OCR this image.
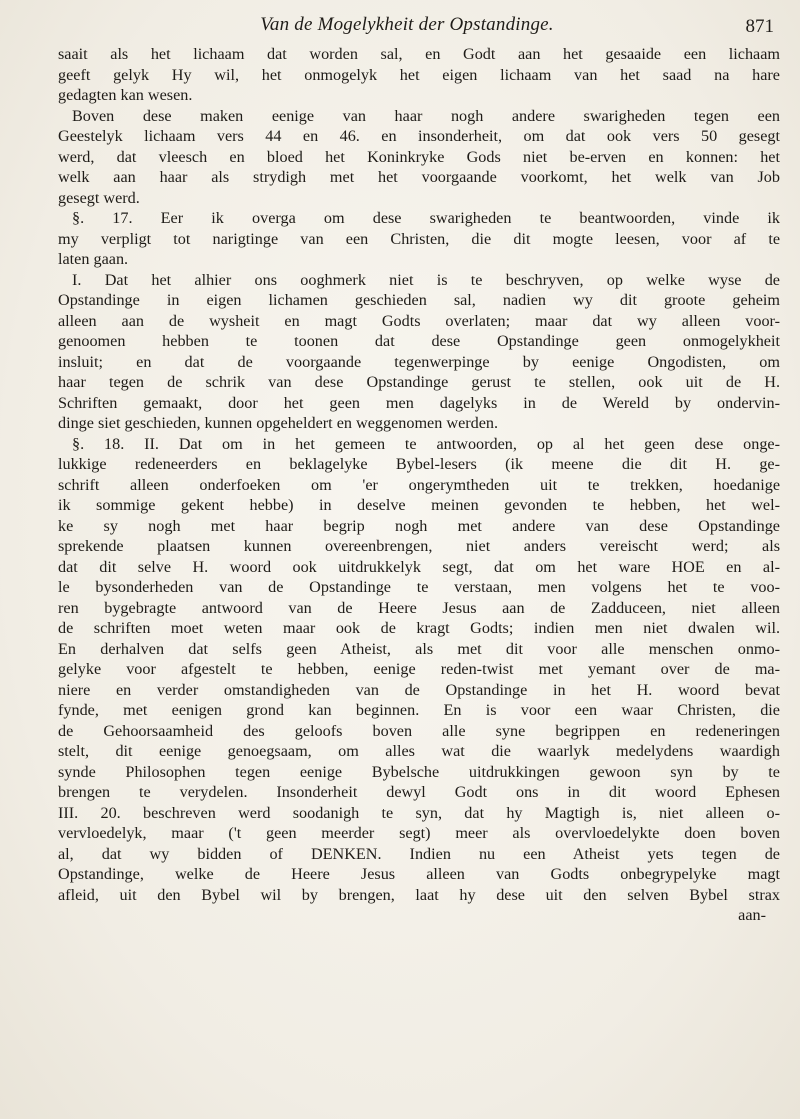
Van de Mogelykheit der Opstandinge.	871
saait als het lichaam dat worden sal, en Godt aan het gesaaide een lichaam
geeft gelyk Hy wil, het onmogelyk het eigen lichaam van het saad na hare
gedagten kan wesen.
Boven dese maken eenige van haar nogh andere swarigheden tegen een
Geestelyk lichaam vers 44 en 46. en insonderheit, om dat ook vers 50 gesegt
werd, dat vleesch en bloed het Koninkryke Gods niet be-erven en konnen: het
welk aan haar als strydigh met het voorgaande voorkomt, het welk van Job
gesegt werd.
§. 17. Eer ik overga om dese swarigheden te beantwoorden, vinde ik
my verpligt tot narigtinge van een Christen, die dit mogte leesen, voor af te
laten gaan.
I. Dat het alhier ons ooghmerk niet is te beschryven, op welke wyse de
Opstandinge in eigen lichamen geschieden sal, nadien wy dit groote geheim
alleen aan de wysheit en magt Godts overlaten; maar dat wy alleen voor-
genoomen hebben te toonen dat dese Opstandinge geen onmogelykheit
insluit; en dat de voorgaande tegenwerpinge by eenige Ongodisten, om
haar tegen de schrik van dese Opstandinge gerust te stellen, ook uit de H.
Schriften gemaakt, door het geen men dagelyks in de Wereld by ondervin-
dinge siet geschieden, kunnen opgeheldert en weggenomen werden.
§. 18. II. Dat om in het gemeen te antwoorden, op al het geen dese onge-
lukkige redeneerders en beklagelyke Bybel-lesers (ik meene die dit H. ge-
schrift alleen onderfoeken om 'er ongerymtheden uit te trekken, hoedanige
ik sommige gekent hebbe) in deselve meinen gevonden te hebben, het wel-
ke sy nogh met haar begrip nogh met andere van dese Opstandinge
sprekende plaatsen kunnen overeenbrengen, niet anders vereischt werd; als
dat dit selve H. woord ook uitdrukkelyk segt, dat om het ware HOE en al-
le bysonderheden van de Opstandinge te verstaan, men volgens het te voo-
ren bygebragte antwoord van de Heere Jesus aan de Zadduceen, niet alleen
de schriften moet weten maar ook de kragt Godts; indien men niet dwalen wil.
En derhalven dat selfs geen Atheist, als met dit voor alle menschen onmo-
gelyke voor afgestelt te hebben, eenige reden-twist met yemant over de ma-
niere en verder omstandigheden van de Opstandinge in het H. woord bevat
fynde, met eenigen grond kan beginnen. En is voor een waar Christen, die
de Gehoorsaamheid des geloofs boven alle syne begrippen en redeneringen
stelt, dit eenige genoegsaam, om alles wat die waarlyk medelydens waardigh
synde Philosophen tegen eenige Bybelsche uitdrukkingen gewoon syn by te
brengen te verydelen. Insonderheit dewyl Godt ons in dit woord Ephesen
III. 20. beschreven werd soodanigh te syn, dat hy Magtigh is, niet alleen o-
vervloedelyk, maar ('t geen meerder segt) meer als overvloedelykte doen boven
al, dat wy bidden of DENKEN. Indien nu een Atheist yets tegen de
Opstandinge, welke de Heere Jesus alleen van Godts onbegrypelyke magt
afleid, uit den Bybel wil by brengen, laat hy dese uit den selven Bybel strax
aan-
